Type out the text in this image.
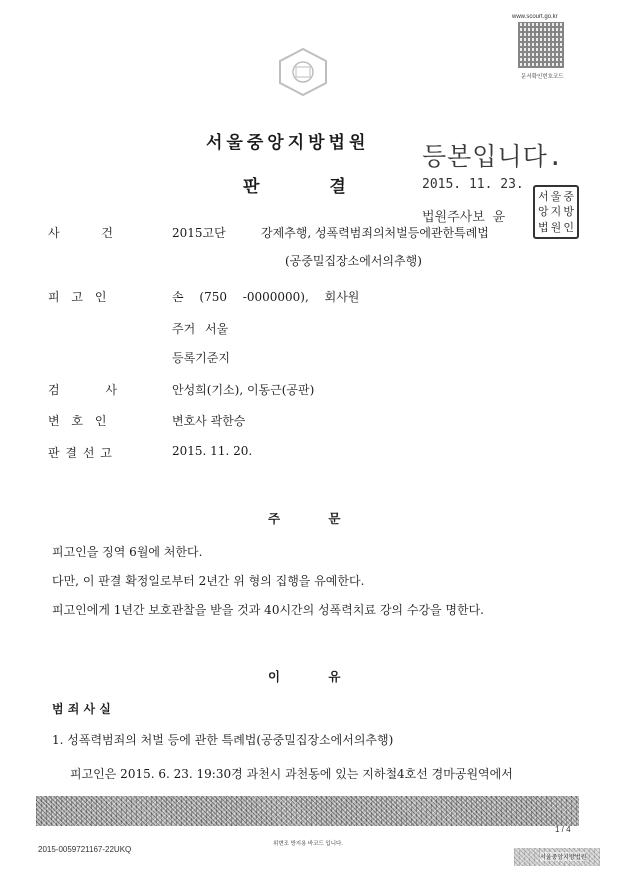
www.scourt.go.kr
문서확인번호코드
서울중앙지방법원
판결
등본입니다.
2015. 11. 23.
법원주사보 윤
서 울 중
앙 지 방
법 원 인
사 건	2015고단	강제추행, 성폭력범죄의처벌등에관한특례법
(공중밀집장소에서의추행)
피 고 인	손 (750 -0000000), 회사원
주거 서울
등록기준지
검 사	안성희(기소), 이동근(공판)
변 호 인	변호사 곽한승
판 결 선 고	2015. 11. 20.
주 문
피고인을 징역 6월에 처한다.
다만, 이 판결 확정일로부터 2년간 위 형의 집행을 유예한다.
피고인에게 1년간 보호관찰을 받을 것과 40시간의 성폭력치료 강의 수강을 명한다.
이 유
범 죄 사 실
1. 성폭력범죄의 처벌 등에 관한 특례법(공중밀집장소에서의추행)
피고인은 2015. 6. 23. 19:30경 과천시 과천동에 있는 지하철4호선 경마공원역에서
2015-0059721167-22UKQ
위변조 방지용 바코드 입니다.
1 / 4
서울중앙지방법원
